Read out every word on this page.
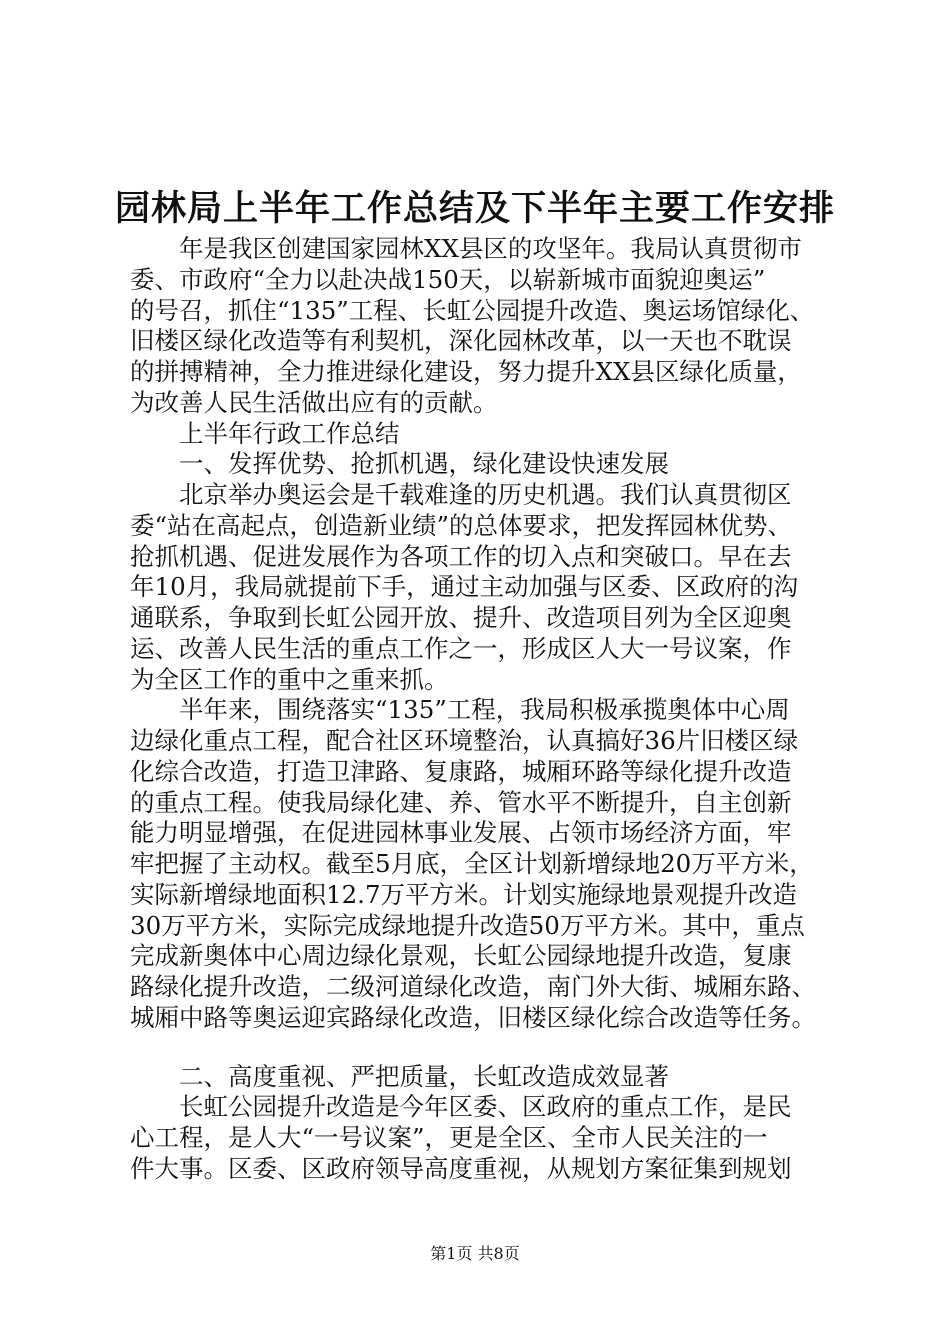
园林局上半年工作总结及下半年主要工作安排
　　年是我区创建国家园林XX县区的攻坚年。我局认真贯彻市
委、市政府“全力以赴决战150天，以崭新城市面貌迎奥运”
的号召，抓住“135”工程、长虹公园提升改造、奥运场馆绿化、
旧楼区绿化改造等有利契机，深化园林改革，以一天也不耽误
的拼搏精神，全力推进绿化建设，努力提升XX县区绿化质量，
为改善人民生活做出应有的贡献。
　　上半年行政工作总结
　　一、发挥优势、抢抓机遇，绿化建设快速发展
　　北京举办奥运会是千载难逢的历史机遇。我们认真贯彻区
委“站在高起点，创造新业绩”的总体要求，把发挥园林优势、
抢抓机遇、促进发展作为各项工作的切入点和突破口。早在去
年10月，我局就提前下手，通过主动加强与区委、区政府的沟
通联系，争取到长虹公园开放、提升、改造项目列为全区迎奥
运、改善人民生活的重点工作之一，形成区人大一号议案，作
为全区工作的重中之重来抓。
　　半年来，围绕落实“135”工程，我局积极承揽奥体中心周
边绿化重点工程，配合社区环境整治，认真搞好36片旧楼区绿
化综合改造，打造卫津路、复康路，城厢环路等绿化提升改造
的重点工程。使我局绿化建、养、管水平不断提升，自主创新
能力明显增强，在促进园林事业发展、占领市场经济方面，牢
牢把握了主动权。截至5月底，全区计划新增绿地20万平方米，
实际新增绿地面积12.7万平方米。计划实施绿地景观提升改造
30万平方米，实际完成绿地提升改造50万平方米。其中，重点
完成新奥体中心周边绿化景观，长虹公园绿地提升改造，复康
路绿化提升改造，二级河道绿化改造，南门外大街、城厢东路、
城厢中路等奥运迎宾路绿化改造，旧楼区绿化综合改造等任务。
　　二、高度重视、严把质量，长虹改造成效显著
　　长虹公园提升改造是今年区委、区政府的重点工作，是民
心工程，是人大“一号议案”，更是全区、全市人民关注的一
件大事。区委、区政府领导高度重视，从规划方案征集到规划
第1页 共8页
